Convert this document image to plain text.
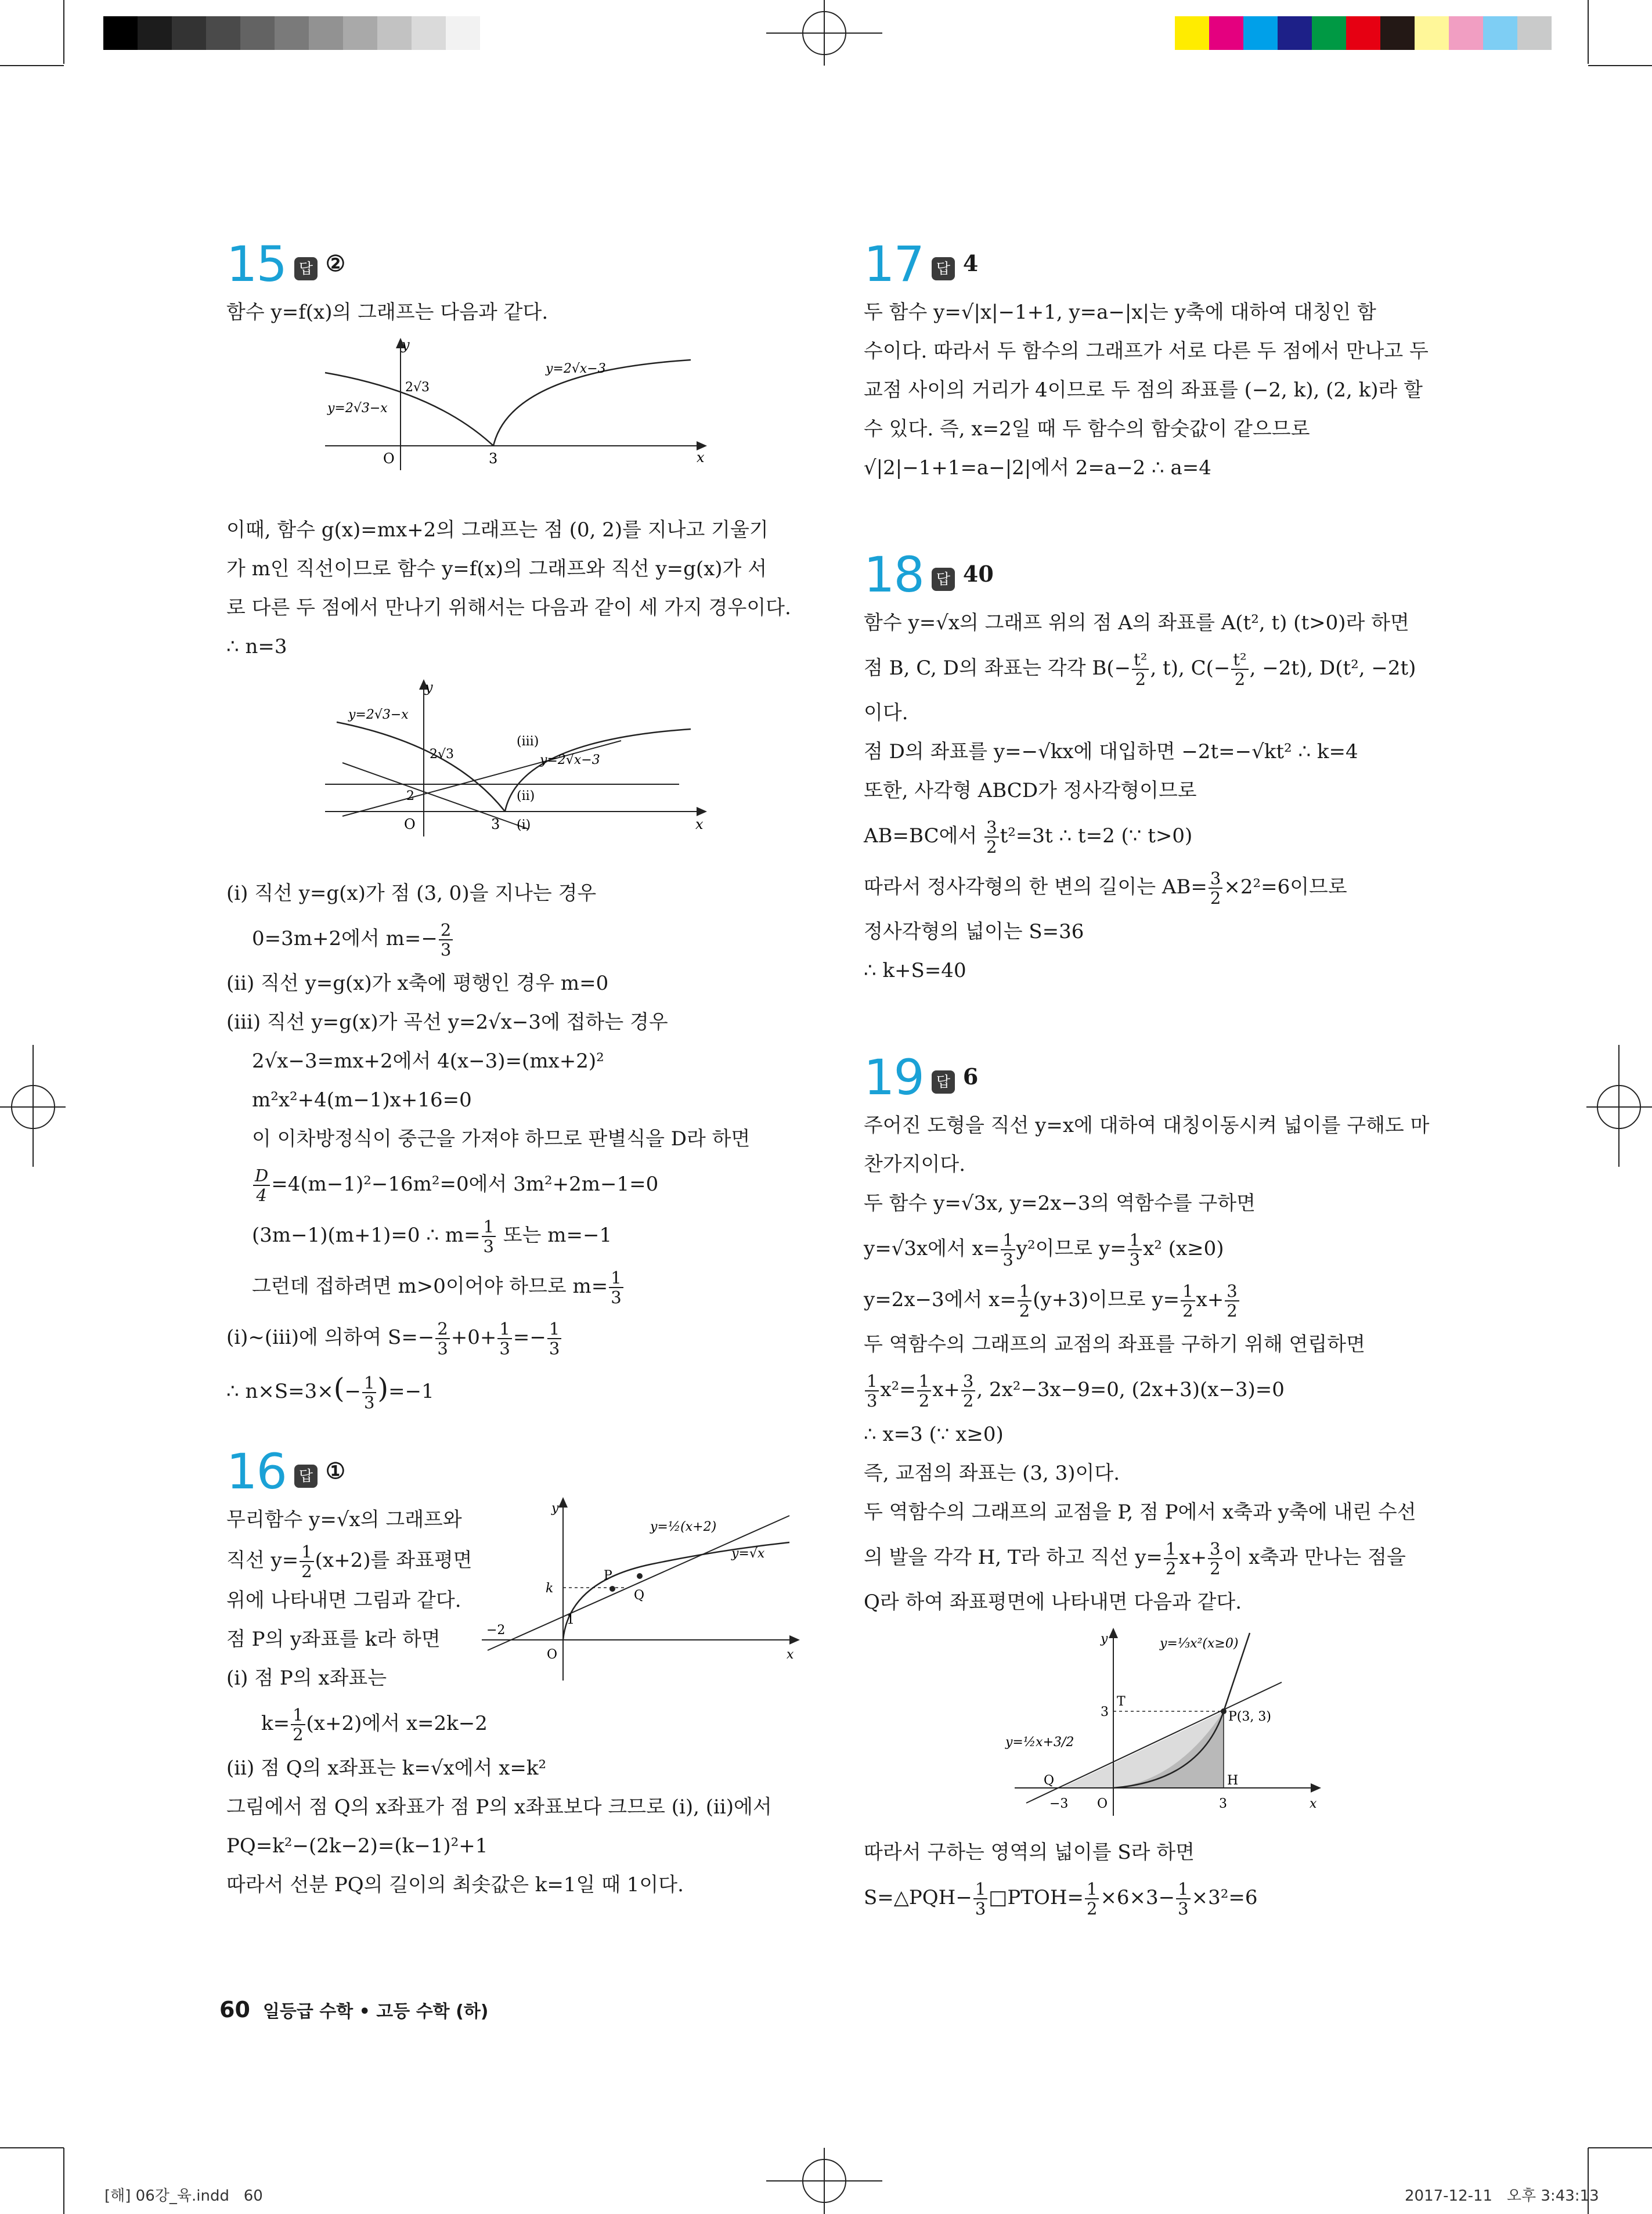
15 답 ②
함수 y=f(x)의 그래프는 다음과 같다.
y
x
O	3
2√3
y=2√3−x
y=2√x−3
이때, 함수 g(x)=mx+2의 그래프는 점 (0, 2)를 지나고 기울기
가 m인 직선이므로 함수 y=f(x)의 그래프와 직선 y=g(x)가 서
로 다른 두 점에서 만나기 위해서는 다음과 같이 세 가지 경우이다.
∴ n=3
y
x
O	3
2
2√3
y=2√3−x
y=2√x−3
(i)
(ii)
(iii)
(i) 직선 y=g(x)가 점 (3, 0)을 지나는 경우
0=3m+2에서 $m=- \frac{2}{3}$
(ii) 직선 y=g(x)가 x축에 평행인 경우 m=0
(iii) 직선 y=g(x)가 곡선 y=2√x−3에 접하는 경우
2√x−3=mx+2에서 4(x−3)=(mx+2)²
m²x²+4(m−1)x+16=0
이 이차방정식이 중근을 가져야 하므로 판별식을 D라 하면
$\frac{D}{4} =4(m-1)^2-16m^2=0$에서 3m²+2m−1=0
(3m−1)(m+1)=0 ∴ $m= \frac{1}{3}$ 또는 m=−1
그런데 접하려면 m>0이어야 하므로 $m= \frac{1}{3}$
(i)~(iii)에 의하여 $S=- \frac{2}{3} +0+ \frac{1}{3} =- \frac{1}{3}$
∴ $n\times S=3\times(- \frac{1}{3} )=-1$
16 답 ①
y
x
O
−2
1
k
P
Q
y=½(x+2)
y=√x
무리함수 y=√x의 그래프와
직선 $y= \frac{1}{2} (x+2)$를 좌표평면
위에 나타내면 그림과 같다.
점 P의 y좌표를 k라 하면
(i) 점 P의 x좌표는
$k= \frac{1}{2} (x+2)$에서 x=2k−2
(ii) 점 Q의 x좌표는 k=√x에서 x=k²
그림에서 점 Q의 x좌표가 점 P의 x좌표보다 크므로 (i), (ii)에서
PQ=k²−(2k−2)=(k−1)²+1
따라서 선분 PQ의 길이의 최솟값은 k=1일 때 1이다.
17 답 4
두 함수 y=√|x|−1+1, y=a−|x|는 y축에 대하여 대칭인 함
수이다. 따라서 두 함수의 그래프가 서로 다른 두 점에서 만나고 두
교점 사이의 거리가 4이므로 두 점의 좌표를 (−2, k), (2, k)라 할
수 있다. 즉, x=2일 때 두 함수의 함숫값이 같으므로
√|2|−1+1=a−|2|에서 2=a−2 ∴ a=4
18 답 40
함수 y=√x의 그래프 위의 점 A의 좌표를 A(t², t) (t>0)라 하면
점 B, C, D의 좌표는 각각 $B(- \frac{\text{t²}}{2}$ , t), $C(- \frac{\text{t²}}{2}$ , −2t), D(t², −2t)
이다.
점 D의 좌표를 y=−√kx에 대입하면 −2t=−√kt² ∴ k=4
또한, 사각형 ABCD가 정사각형이므로
AB=BC에서 $\frac{3}{2} t^2=3t$ ∴ t=2 (∵ t>0)
따라서 정사각형의 한 변의 길이는 $AB= \frac{3}{2} \times 2^2=6$이므로
정사각형의 넓이는 S=36
∴ k+S=40
19 답 6
주어진 도형을 직선 y=x에 대하여 대칭이동시켜 넓이를 구해도 마
찬가지이다.
두 함수 y=√3x, y=2x−3의 역함수를 구하면
y=√3x에서 $x= \frac{1}{3} y^2$이므로 $y= \frac{1}{3} x^2$ (x≥0)
y=2x−3에서 $x= \frac{1}{2} (y+3)$이므로 $y= \frac{1}{2} x+ \frac{3}{2}$
두 역함수의 그래프의 교점의 좌표를 구하기 위해 연립하면
$\frac{1}{3} x^2= \frac{1}{2} x+ \frac{3}{2}$ , 2x²−3x−9=0, (2x+3)(x−3)=0
∴ x=3 (∵ x≥0)
즉, 교점의 좌표는 (3, 3)이다.
두 역함수의 그래프의 교점을 P, 점 P에서 x축과 y축에 내린 수선
의 발을 각각 H, T라 하고 직선 $y= \frac{1}{2} x+ \frac{3}{2}$ 이 x축과 만나는 점을
Q라 하여 좌표평면에 나타내면 다음과 같다.
y
x
O
−3	3
3
T
H
Q
P(3, 3)
y=⅓x²(x≥0)
y=½x+3/2
따라서 구하는 영역의 넓이를 S라 하면
S=△PQH− $\frac{1}{3}$ □PTOH= $\frac{1}{2} \times 6\times 3- \frac{1}{3} \times 3^2=6$
60 일등급 수학 • 고등 수학 (하)
[해] 06강_육.indd   60	2017-12-11   오후 3:43:13
